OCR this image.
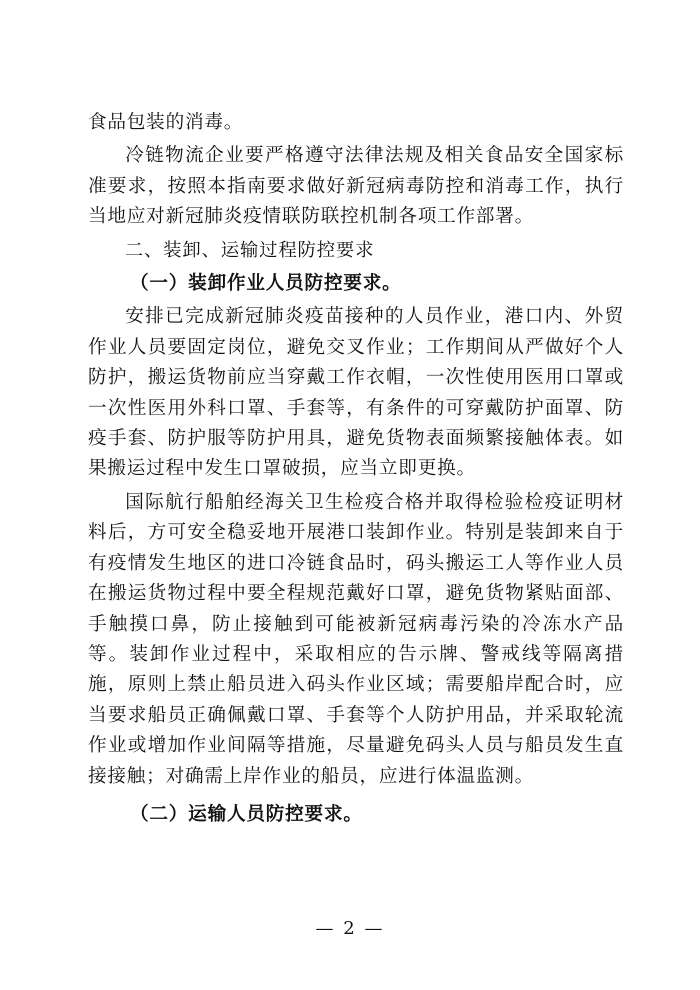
食品包装的消毒。

冷链物流企业要严格遵守法律法规及相关食品安全国家标准要求，按照本指南要求做好新冠病毒防控和消毒工作，执行当地应对新冠肺炎疫情联防联控机制各项工作部署。

二、装卸、运输过程防控要求
（一）装卸作业人员防控要求。

安排已完成新冠肺炎疫苗接种的人员作业，港口内、外贸作业人员要固定岗位，避免交叉作业；工作期间从严做好个人防护，搬运货物前应当穿戴工作衣帽，一次性使用医用口罩或一次性医用外科口罩、手套等，有条件的可穿戴防护面罩、防疫手套、防护服等防护用具，避免货物表面频繁接触体表。如果搬运过程中发生口罩破损，应当立即更换。

国际航行船舶经海关卫生检疫合格并取得检验检疫证明材料后，方可安全稳妥地开展港口装卸作业。特别是装卸来自于有疫情发生地区的进口冷链食品时，码头搬运工人等作业人员在搬运货物过程中要全程规范戴好口罩，避免货物紧贴面部、手触摸口鼻，防止接触到可能被新冠病毒污染的冷冻水产品等。装卸作业过程中，采取相应的告示牌、警戒线等隔离措施，原则上禁止船员进入码头作业区域；需要船岸配合时，应当要求船员正确佩戴口罩、手套等个人防护用品，并采取轮流作业或增加作业间隔等措施，尽量避免码头人员与船员发生直接接触；对确需上岸作业的船员，应进行体温监测。

（二）运输人员防控要求。
— 2 —
